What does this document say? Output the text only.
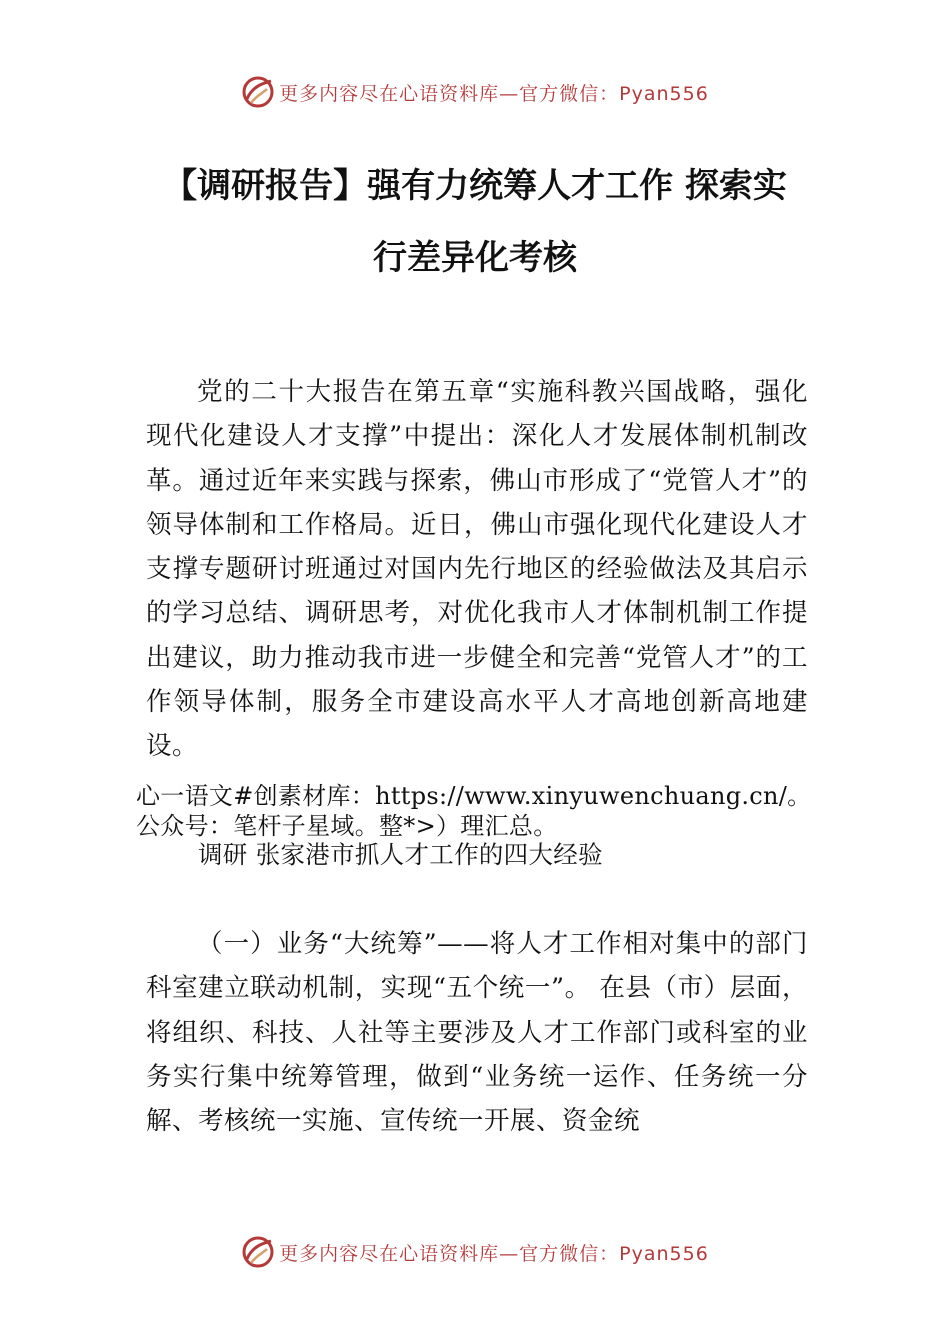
更多内容尽在心语资料库—官方微信：Pyan556
【调研报告】强有力统筹人才工作 探索实
行差异化考核

党的二十大报告在第五章“实施科教兴国战略，强化现代化建设人才支撑”中提出：深化人才发展体制机制改革。通过近年来实践与探索，佛山市形成了“党管人才”的领导体制和工作格局。近日，佛山市强化现代化建设人才支撑专题研讨班通过对国内先行地区的经验做法及其启示的学习总结、调研思考，对优化我市人才体制机制工作提出建议，助力推动我市进一步健全和完善“党管人才”的工作领导体制，服务全市建设高水平人才高地创新高地建设。

心一语文#创素材库：https://www.xinyuwenchuang.cn/。

公众号：笔杆子星域。整*>）理汇总。

调研 张家港市抓人才工作的四大经验

（一）业务“大统筹”——将人才工作相对集中的部门科室建立联动机制，实现“五个统一”。 在县（市）层面，将组织、科技、人社等主要涉及人才工作部门或科室的业务实行集中统筹管理，做到“业务统一运作、任务统一分解、考核统一实施、宣传统一开展、资金统

更多内容尽在心语资料库—官方微信：Pyan556
